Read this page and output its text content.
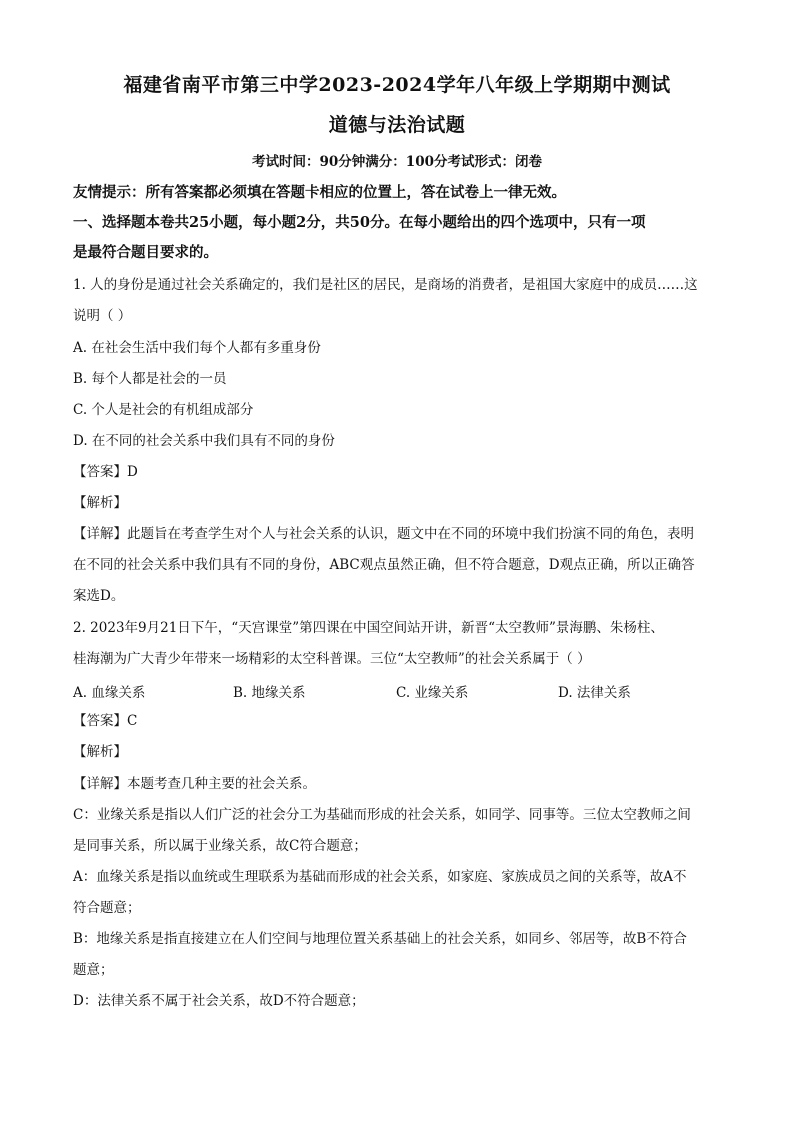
福建省南平市第三中学2023-2024学年八年级上学期期中测试
道德与法治试题
考试时间：90分钟满分：100分考试形式：闭卷
友情提示：所有答案都必须填在答题卡相应的位置上，答在试卷上一律无效。
一、选择题本卷共25小题，每小题2分，共50分。在每小题给出的四个选项中，只有一项
是最符合题目要求的。
1. 人的身份是通过社会关系确定的，我们是社区的居民，是商场的消费者，是祖国大家庭中的成员……这
说明（ ）
A. 在社会生活中我们每个人都有多重身份
B. 每个人都是社会的一员
C. 个人是社会的有机组成部分
D. 在不同的社会关系中我们具有不同的身份
【答案】D
【解析】
【详解】此题旨在考查学生对个人与社会关系的认识，题文中在不同的环境中我们扮演不同的角色，表明
在不同的社会关系中我们具有不同的身份，ABC观点虽然正确，但不符合题意，D观点正确，所以正确答
案选D。
2. 2023年9月21日下午，“天宫课堂”第四课在中国空间站开讲，新晋“太空教师”景海鹏、朱杨柱、
桂海潮为广大青少年带来一场精彩的太空科普课。三位“太空教师”的社会关系属于（ ）
A. 血缘关系	B. 地缘关系	C. 业缘关系	D. 法律关系
【答案】C
【解析】
【详解】本题考查几种主要的社会关系。
C：业缘关系是指以人们广泛的社会分工为基础而形成的社会关系，如同学、同事等。三位太空教师之间
是同事关系，所以属于业缘关系，故C符合题意；
A：血缘关系是指以血统或生理联系为基础而形成的社会关系，如家庭、家族成员之间的关系等，故A不
符合题意；
B：地缘关系是指直接建立在人们空间与地理位置关系基础上的社会关系，如同乡、邻居等，故B不符合
题意；
D：法律关系不属于社会关系，故D不符合题意；
